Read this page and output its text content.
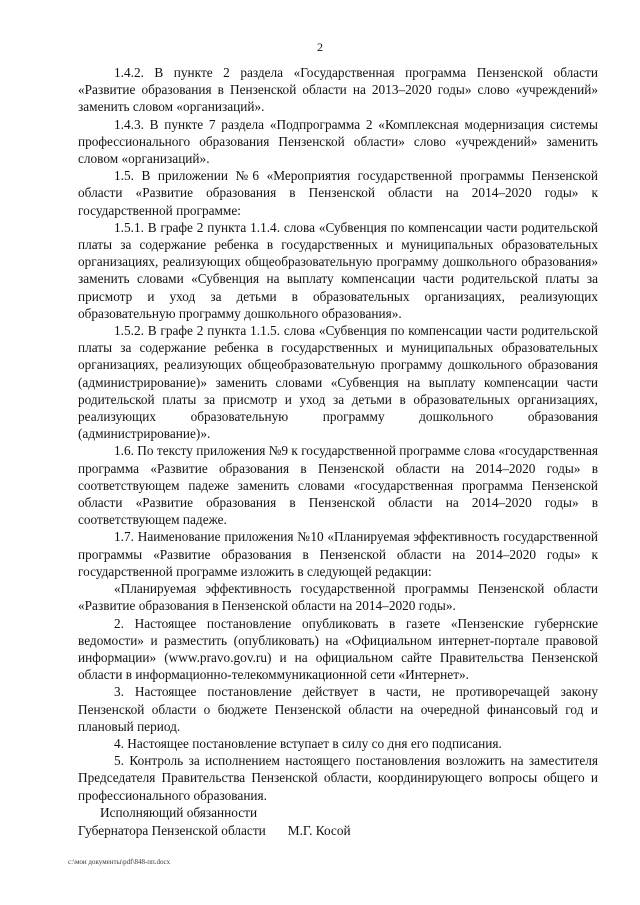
2

1.4.2. В пункте 2 раздела «Государственная программа Пензенской области «Развитие образования в Пензенской области на 2013–2020 годы» слово «учреждений» заменить словом «организаций».

1.4.3. В пункте 7 раздела «Подпрограмма 2 «Комплексная модернизация системы профессионального образования Пензенской области» слово «учреждений» заменить словом «организаций».

1.5. В приложении №6 «Мероприятия государственной программы Пензенской области «Развитие образования в Пензенской области на 2014–2020 годы» к государственной программе:

1.5.1. В графе 2 пункта 1.1.4. слова «Субвенция по компенсации части родительской платы за содержание ребенка в государственных и муниципальных образовательных организациях, реализующих общеобразовательную программу дошкольного образования» заменить словами «Субвенция на выплату компенсации части родительской платы за присмотр и уход за детьми в образовательных организациях, реализующих образовательную программу дошкольного образования».

1.5.2. В графе 2 пункта 1.1.5. слова «Субвенция по компенсации части родительской платы за содержание ребенка в государственных и муниципальных образовательных организациях, реализующих общеобразовательную программу дошкольного образования (администрирование)» заменить словами «Субвенция на выплату компенсации части родительской платы за присмотр и уход за детьми в образовательных организациях, реализующих образовательную программу дошкольного образования (администрирование)».

1.6. По тексту приложения №9 к государственной программе слова «государственная программа «Развитие образования в Пензенской области на 2014–2020 годы» в соответствующем падеже заменить словами «государственная программа Пензенской области «Развитие образования в Пензенской области на 2014–2020 годы» в соответствующем падеже.

1.7. Наименование приложения №10 «Планируемая эффективность государственной программы «Развитие образования в Пензенской области на 2014–2020 годы» к государственной программе изложить в следующей редакции:

«Планируемая эффективность государственной программы Пензенской области «Развитие образования в Пензенской области на 2014–2020 годы».

2. Настоящее постановление опубликовать в газете «Пензенские губернские ведомости» и разместить (опубликовать) на «Официальном интернет-портале правовой информации» (www.pravo.gov.ru) и на официальном сайте Правительства Пензенской области в информационно-телекоммуникационной сети «Интернет».

3. Настоящее постановление действует в части, не противоречащей закону Пензенской области о бюджете Пензенской области на очередной финансовый год и плановый период.

4. Настоящее постановление вступает в силу со дня его подписания.

5. Контроль за исполнением настоящего постановления возложить на заместителя Председателя Правительства Пензенской области, координирующего вопросы общего и профессионального образования.

Исполняющий обязанности
Губернатора Пензенской области М.Г. Косой
c:\мои документы\pdf\848-пп.docx
